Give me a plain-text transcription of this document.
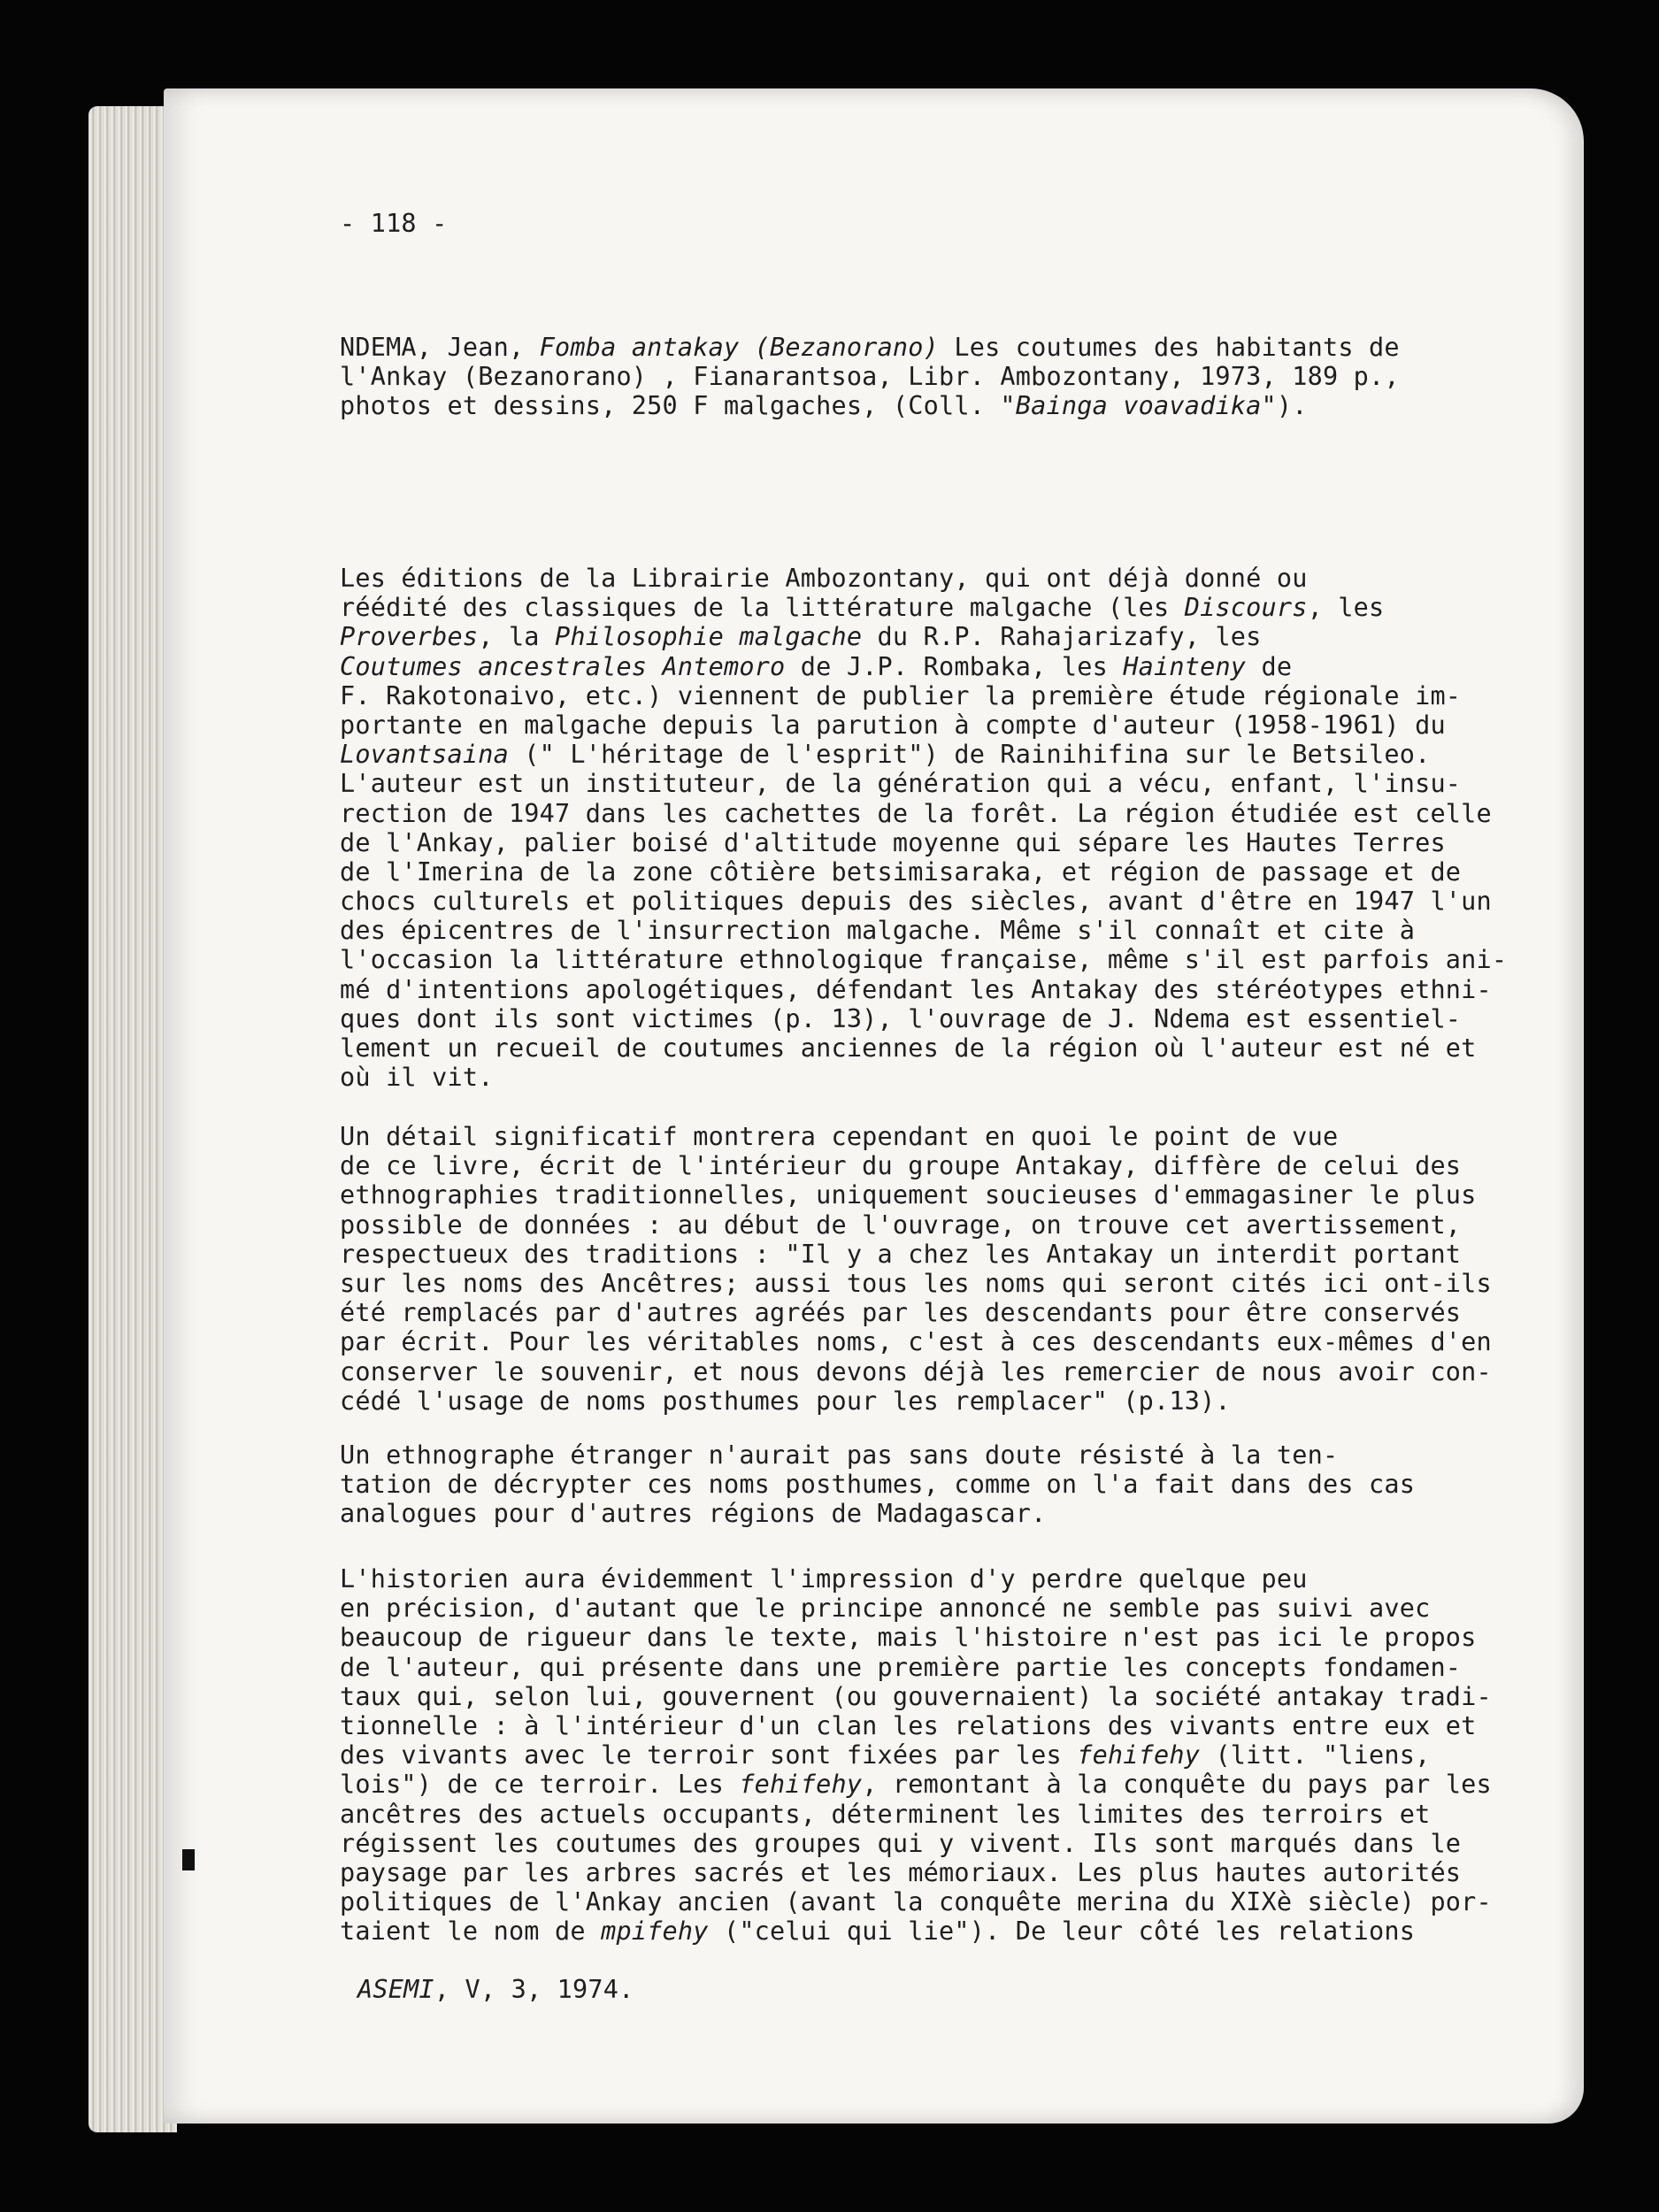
- 118 -
NDEMA, Jean, Fomba antakay (Bezanorano) Les coutumes des habitants de
l'Ankay (Bezanorano) , Fianarantsoa, Libr. Ambozontany, 1973, 189 p.,
photos et dessins, 250 F malgaches, (Coll. "Bainga voavadika").
Les éditions de la Librairie Ambozontany, qui ont déjà donné ou
réédité des classiques de la littérature malgache (les Discours, les
Proverbes, la Philosophie malgache du R.P. Rahajarizafy, les
Coutumes ancestrales Antemoro de J.P. Rombaka, les Hainteny de
F. Rakotonaivo, etc.) viennent de publier la première étude régionale im-
portante en malgache depuis la parution à compte d'auteur (1958-1961) du
Lovantsaina (" L'héritage de l'esprit") de Rainihifina sur le Betsileo.
L'auteur est un instituteur, de la génération qui a vécu, enfant, l'insu-
rection de 1947 dans les cachettes de la forêt. La région étudiée est celle
de l'Ankay, palier boisé d'altitude moyenne qui sépare les Hautes Terres
de l'Imerina de la zone côtière betsimisaraka, et région de passage et de
chocs culturels et politiques depuis des siècles, avant d'être en 1947 l'un
des épicentres de l'insurrection malgache. Même s'il connaît et cite à
l'occasion la littérature ethnologique française, même s'il est parfois ani-
mé d'intentions apologétiques, défendant les Antakay des stéréotypes ethni-
ques dont ils sont victimes (p. 13), l'ouvrage de J. Ndema est essentiel-
lement un recueil de coutumes anciennes de la région où l'auteur est né et
où il vit.
Un détail significatif montrera cependant en quoi le point de vue
de ce livre, écrit de l'intérieur du groupe Antakay, diffère de celui des
ethnographies traditionnelles, uniquement soucieuses d'emmagasiner le plus
possible de données : au début de l'ouvrage, on trouve cet avertissement,
respectueux des traditions : "Il y a chez les Antakay un interdit portant
sur les noms des Ancêtres; aussi tous les noms qui seront cités ici ont-ils
été remplacés par d'autres agréés par les descendants pour être conservés
par écrit. Pour les véritables noms, c'est à ces descendants eux-mêmes d'en
conserver le souvenir, et nous devons déjà les remercier de nous avoir con-
cédé l'usage de noms posthumes pour les remplacer" (p.13).
Un ethnographe étranger n'aurait pas sans doute résisté à la ten-
tation de décrypter ces noms posthumes, comme on l'a fait dans des cas
analogues pour d'autres régions de Madagascar.
L'historien aura évidemment l'impression d'y perdre quelque peu
en précision, d'autant que le principe annoncé ne semble pas suivi avec
beaucoup de rigueur dans le texte, mais l'histoire n'est pas ici le propos
de l'auteur, qui présente dans une première partie les concepts fondamen-
taux qui, selon lui, gouvernent (ou gouvernaient) la société antakay tradi-
tionnelle : à l'intérieur d'un clan les relations des vivants entre eux et
des vivants avec le terroir sont fixées par les fehifehy (litt. "liens,
lois") de ce terroir. Les fehifehy, remontant à la conquête du pays par les
ancêtres des actuels occupants, déterminent les limites des terroirs et
régissent les coutumes des groupes qui y vivent. Ils sont marqués dans le
paysage par les arbres sacrés et les mémoriaux. Les plus hautes autorités
politiques de l'Ankay ancien (avant la conquête merina du XIXè siècle) por-
taient le nom de mpifehy ("celui qui lie"). De leur côté les relations
ASEMI, V, 3, 1974.
